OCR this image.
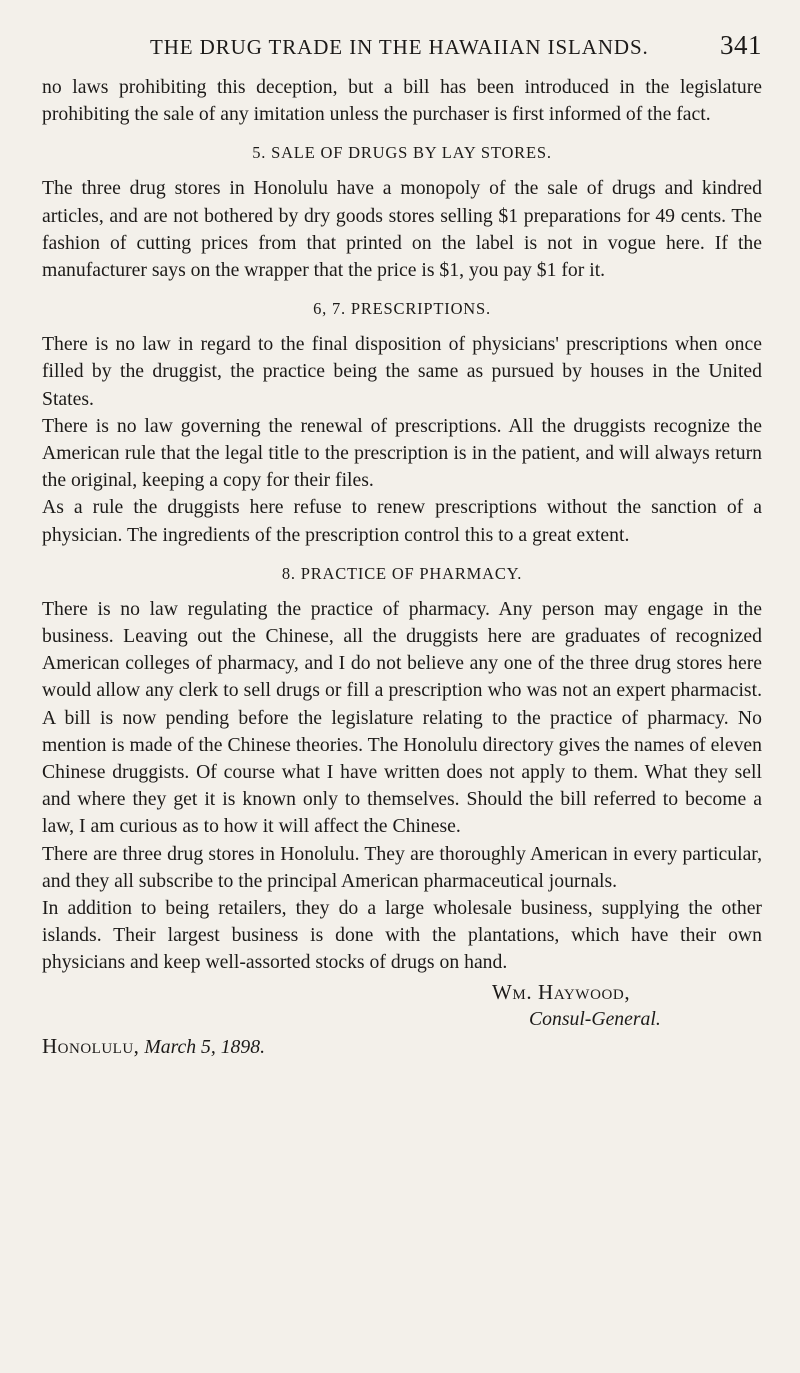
THE DRUG TRADE IN THE HAWAIIAN ISLANDS.	341

no laws prohibiting this deception, but a bill has been introduced in the legislature prohibiting the sale of any imitation unless the purchaser is first informed of the fact.

5. SALE OF DRUGS BY LAY STORES.

The three drug stores in Honolulu have a monopoly of the sale of drugs and kindred articles, and are not bothered by dry goods stores selling $1 preparations for 49 cents. The fashion of cutting prices from that printed on the label is not in vogue here. If the manufacturer says on the wrapper that the price is $1, you pay $1 for it.

6, 7. PRESCRIPTIONS.

There is no law in regard to the final disposition of physicians' prescriptions when once filled by the druggist, the practice being the same as pursued by houses in the United States.

There is no law governing the renewal of prescriptions. All the druggists recognize the American rule that the legal title to the prescription is in the patient, and will always return the original, keeping a copy for their files.

As a rule the druggists here refuse to renew prescriptions without the sanction of a physician. The ingredients of the prescription control this to a great extent.

8. PRACTICE OF PHARMACY.

There is no law regulating the practice of pharmacy. Any person may engage in the business. Leaving out the Chinese, all the druggists here are graduates of recognized American colleges of pharmacy, and I do not believe any one of the three drug stores here would allow any clerk to sell drugs or fill a prescription who was not an expert pharmacist. A bill is now pending before the legislature relating to the practice of pharmacy. No mention is made of the Chinese theories. The Honolulu directory gives the names of eleven Chinese druggists. Of course what I have written does not apply to them. What they sell and where they get it is known only to themselves. Should the bill referred to become a law, I am curious as to how it will affect the Chinese.

There are three drug stores in Honolulu. They are thoroughly American in every particular, and they all subscribe to the principal American pharmaceutical journals.

In addition to being retailers, they do a large wholesale business, supplying the other islands. Their largest business is done with the plantations, which have their own physicians and keep well-assorted stocks of drugs on hand.

Wm. Haywood,
Consul-General.
Honolulu, March 5, 1898.
